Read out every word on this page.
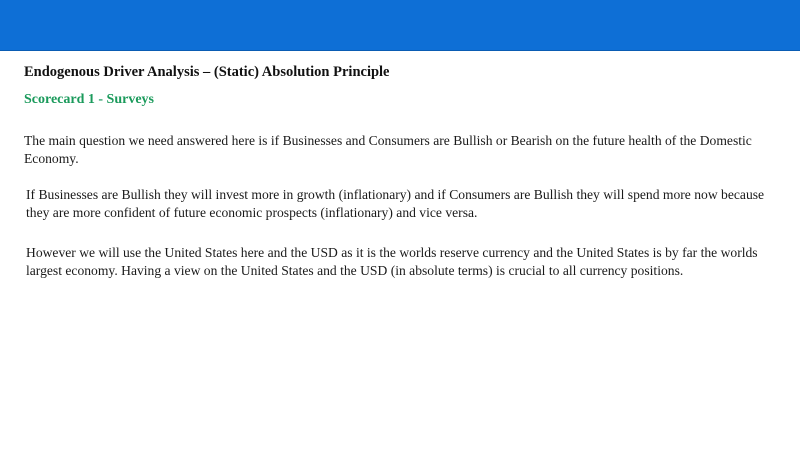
Endogenous Driver Analysis – (Static) Absolution Principle
Scorecard 1 - Surveys

The main question we need answered here is if Businesses and Consumers are Bullish or Bearish on the future health of the Domestic Economy.

If Businesses are Bullish they will invest more in growth (inflationary) and if Consumers are Bullish they will spend more now because they are more confident of future economic prospects (inflationary) and vice versa.

However we will use the United States here and the USD as it is the worlds reserve currency and the United States is by far the worlds largest economy. Having a view on the United States and the USD (in absolute terms) is crucial to all currency positions.
